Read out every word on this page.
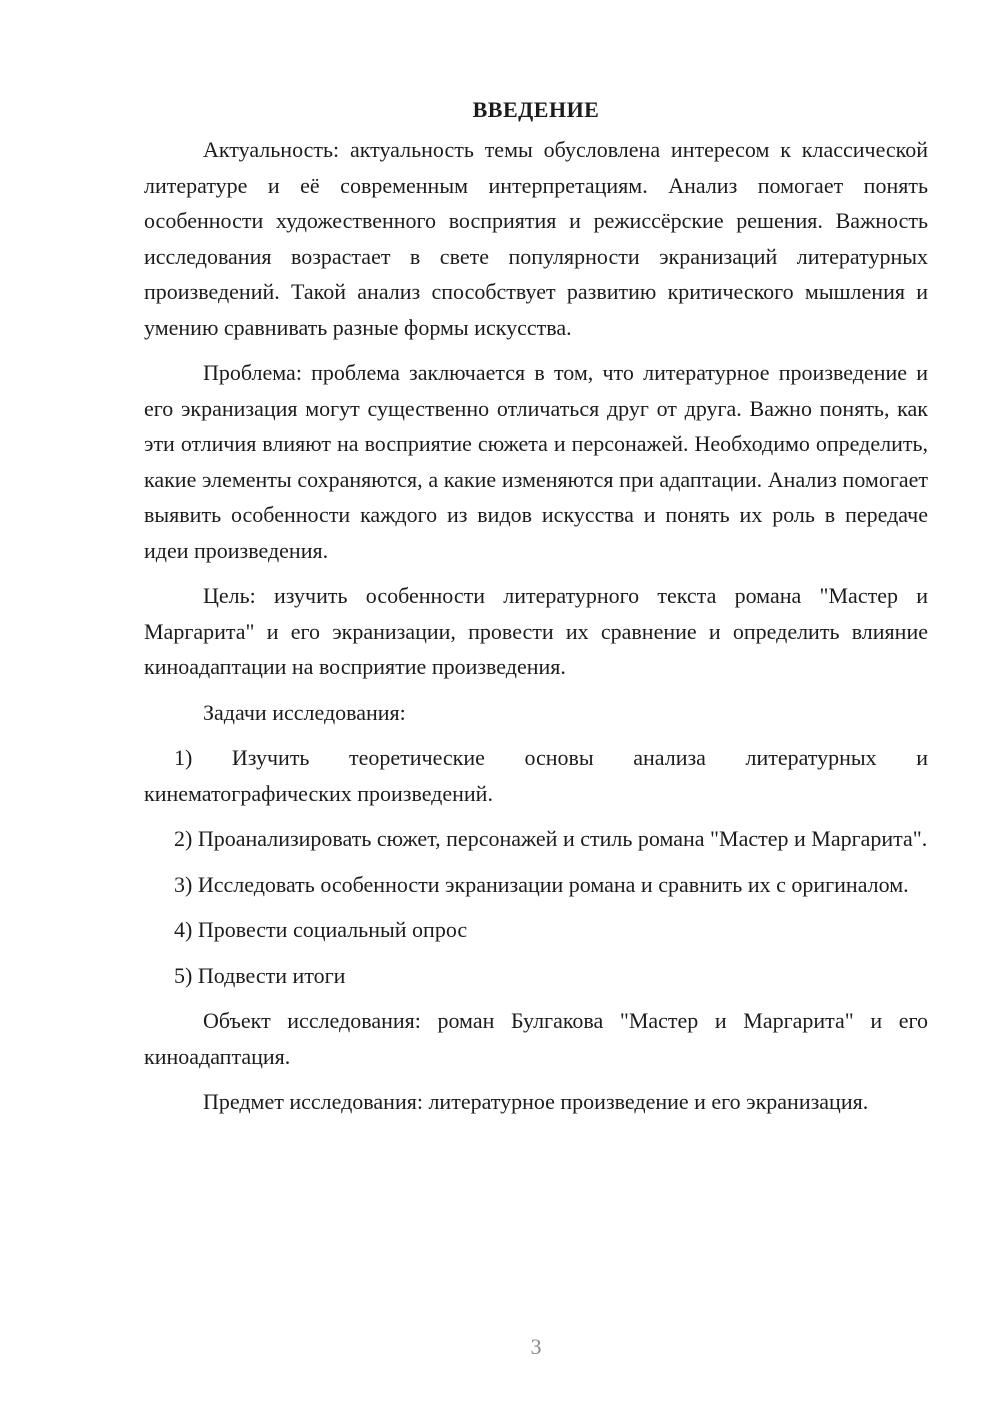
ВВЕДЕНИЕ

Актуальность: актуальность темы обусловлена интересом к классической литературе и её современным интерпретациям. Анализ помогает понять особенности художественного восприятия и режиссёрские решения. Важность исследования возрастает в свете популярности экранизаций литературных произведений. Такой анализ способствует развитию критического мышления и умению сравнивать разные формы искусства.

Проблема: проблема заключается в том, что литературное произведение и его экранизация могут существенно отличаться друг от друга. Важно понять, как эти отличия влияют на восприятие сюжета и персонажей. Необходимо определить, какие элементы сохраняются, а какие изменяются при адаптации. Анализ помогает выявить особенности каждого из видов искусства и понять их роль в передаче идеи произведения.

Цель: изучить особенности литературного текста романа "Мастер и Маргарита" и его экранизации, провести их сравнение и определить влияние киноадаптации на восприятие произведения.

Задачи исследования:

1) Изучить теоретические основы анализа литературных и кинематографических произведений.

2) Проанализировать сюжет, персонажей и стиль романа "Мастер и Маргарита".

3) Исследовать особенности экранизации романа и сравнить их с оригиналом.

4) Провести социальный опрос

5) Подвести итоги

Объект исследования: роман Булгакова "Мастер и Маргарита" и его киноадаптация.

Предмет исследования: литературное произведение и его экранизация.

3
